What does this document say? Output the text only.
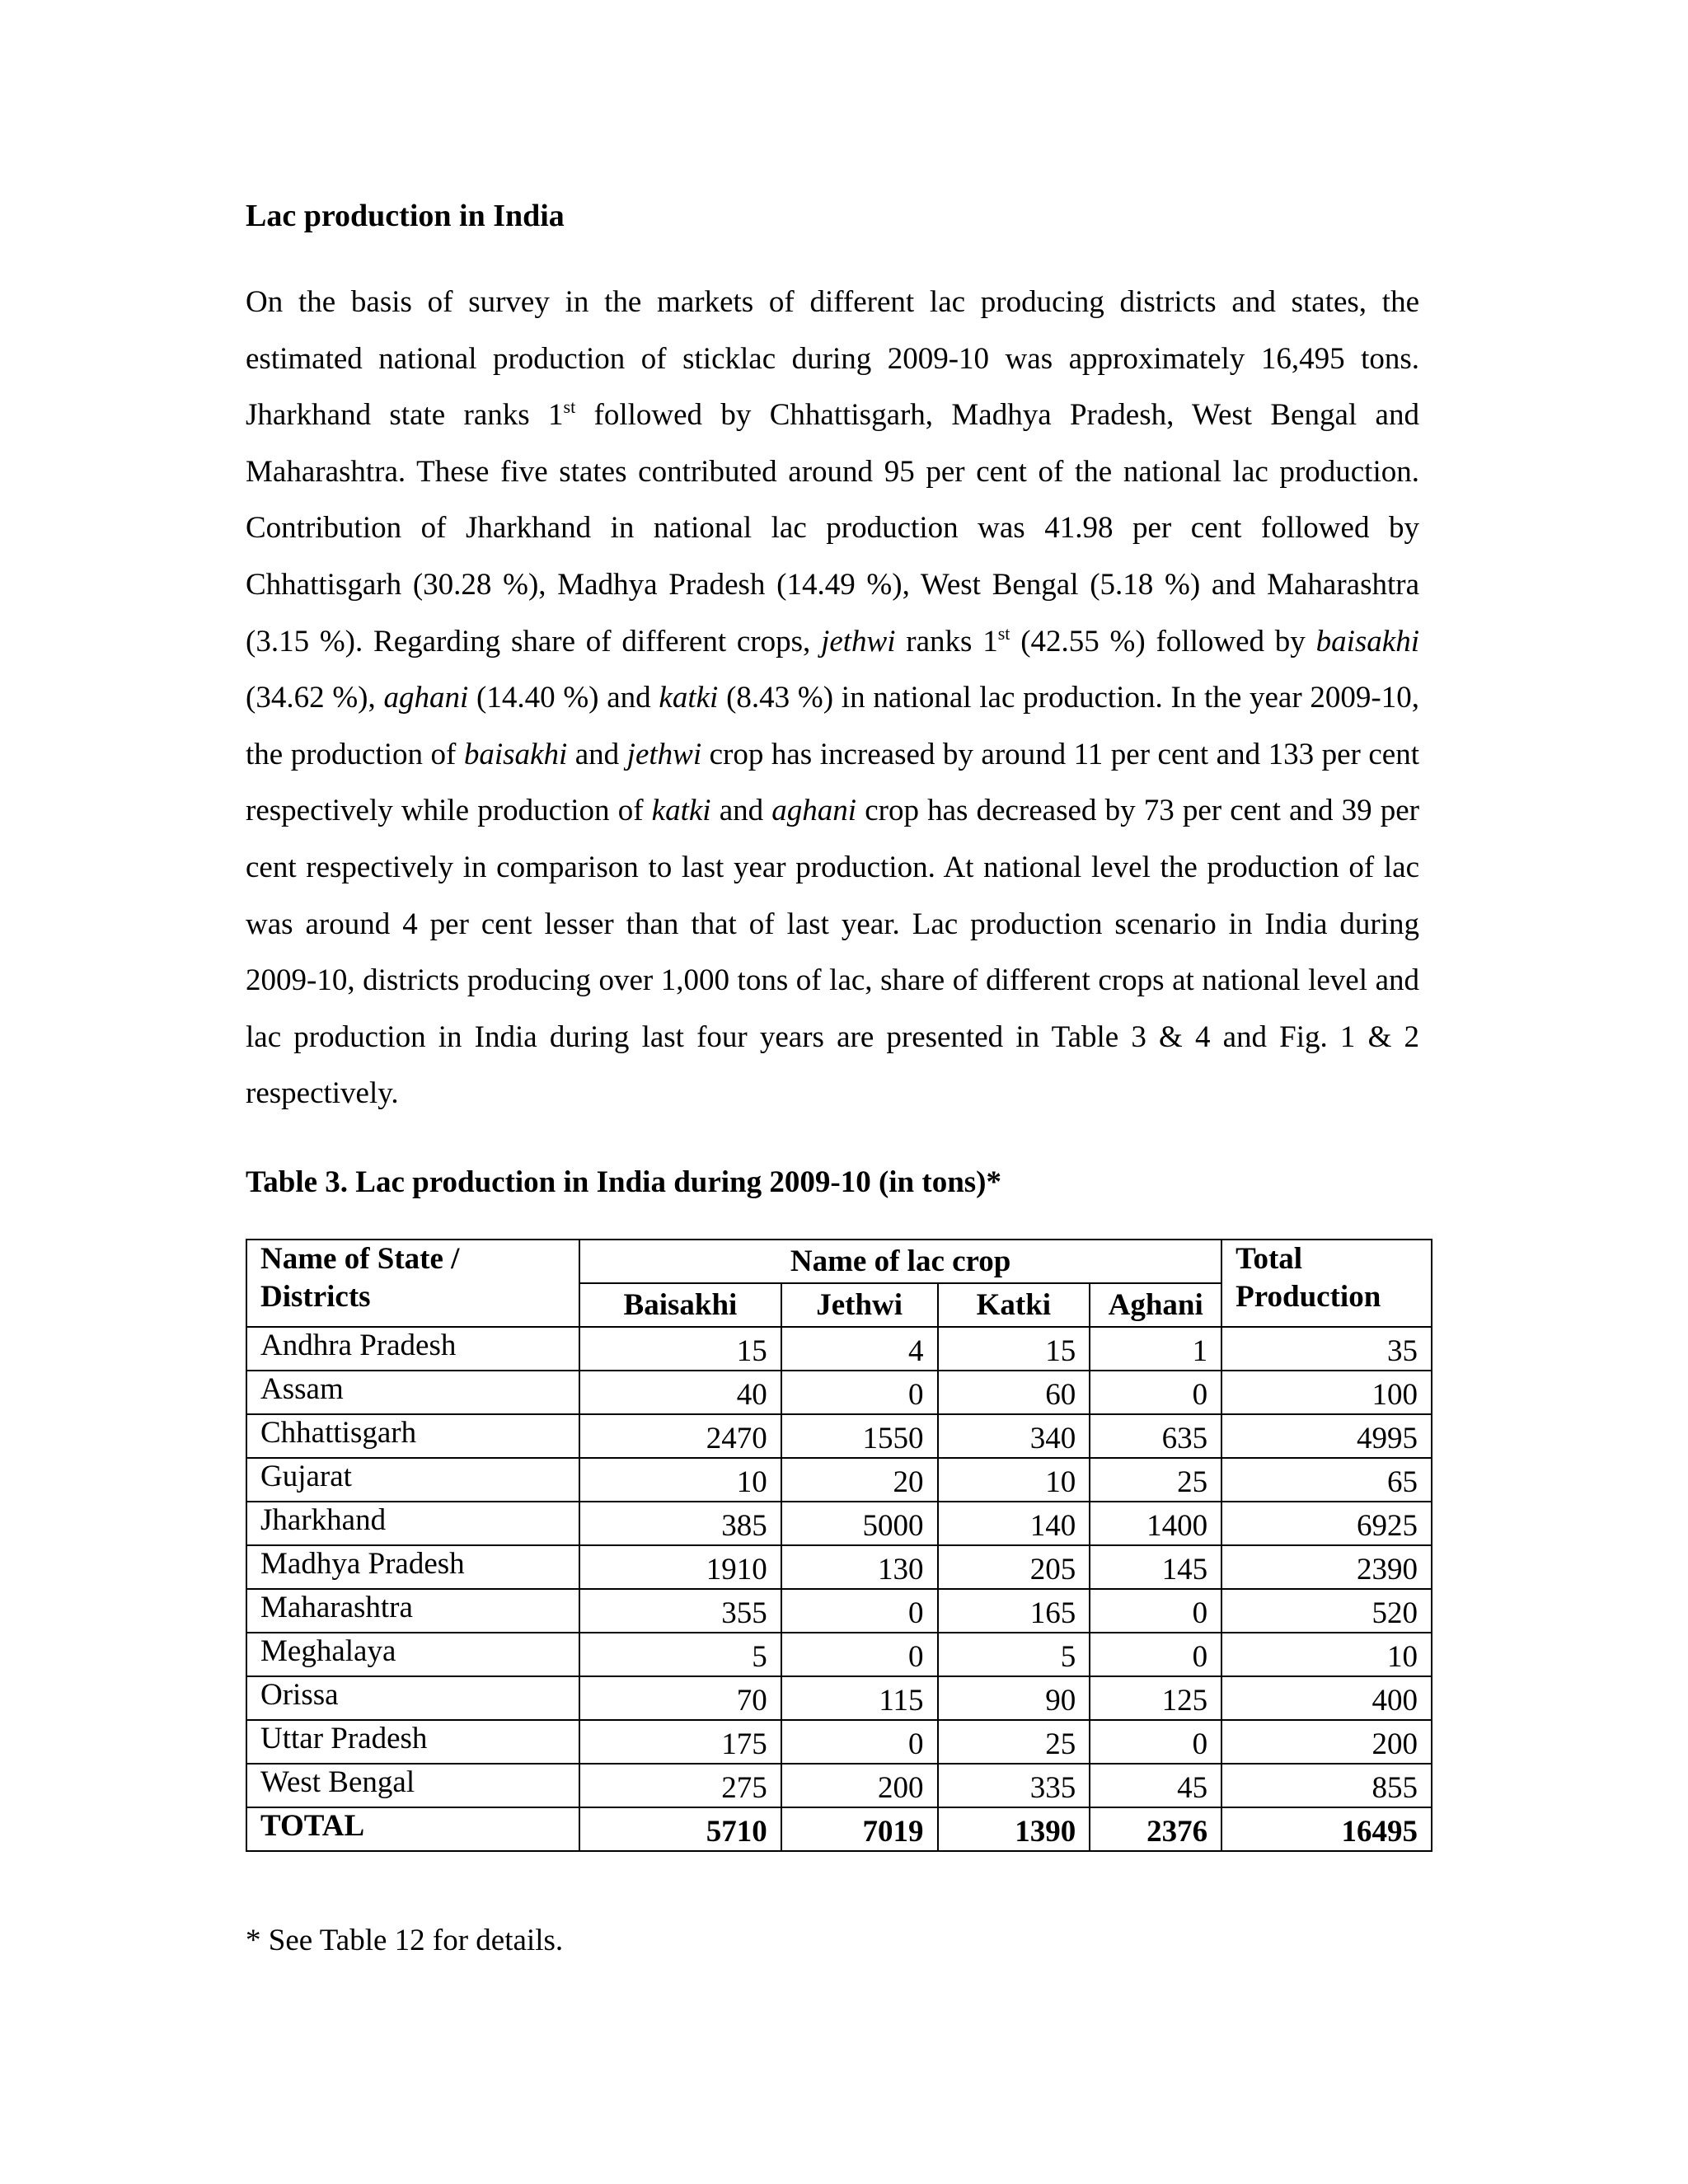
Lac production in India

On the basis of survey in the markets of different lac producing districts and states, the estimated national production of sticklac during 2009-10 was approximately 16,495 tons. Jharkhand state ranks 1st followed by Chhattisgarh, Madhya Pradesh, West Bengal and Maharashtra. These five states contributed around 95 per cent of the national lac production. Contribution of Jharkhand in national lac production was 41.98 per cent followed by Chhattisgarh (30.28 %), Madhya Pradesh (14.49 %), West Bengal (5.18 %) and Maharashtra (3.15 %). Regarding share of different crops, jethwi ranks 1st (42.55 %) followed by baisakhi (34.62 %), aghani (14.40 %) and katki (8.43 %) in national lac production. In the year 2009-10, the production of baisakhi and jethwi crop has increased by around 11 per cent and 133 per cent respectively while production of katki and aghani crop has decreased by 73 per cent and 39 per cent respectively in comparison to last year production. At national level the production of lac was around 4 per cent lesser than that of last year. Lac production scenario in India during 2009-10, districts producing over 1,000 tons of lac, share of different crops at national level and lac production in India during last four years are presented in Table 3 & 4 and Fig. 1 & 2 respectively.

Table 3. Lac production in India during 2009-10 (in tons)*

Name of State /
Districts	Name of lac crop				Total
Production
	Baisakhi	Jethwi	Katki	Aghani	
Andhra Pradesh	15	4	15	1	35
Assam	40	0	60	0	100
Chhattisgarh	2470	1550	340	635	4995
Gujarat	10	20	10	25	65
Jharkhand	385	5000	140	1400	6925
Madhya Pradesh	1910	130	205	145	2390
Maharashtra	355	0	165	0	520
Meghalaya	5	0	5	0	10
Orissa	70	115	90	125	400
Uttar Pradesh	175	0	25	0	200
West Bengal	275	200	335	45	855
TOTAL	5710	7019	1390	2376	16495

* See Table 12 for details.
